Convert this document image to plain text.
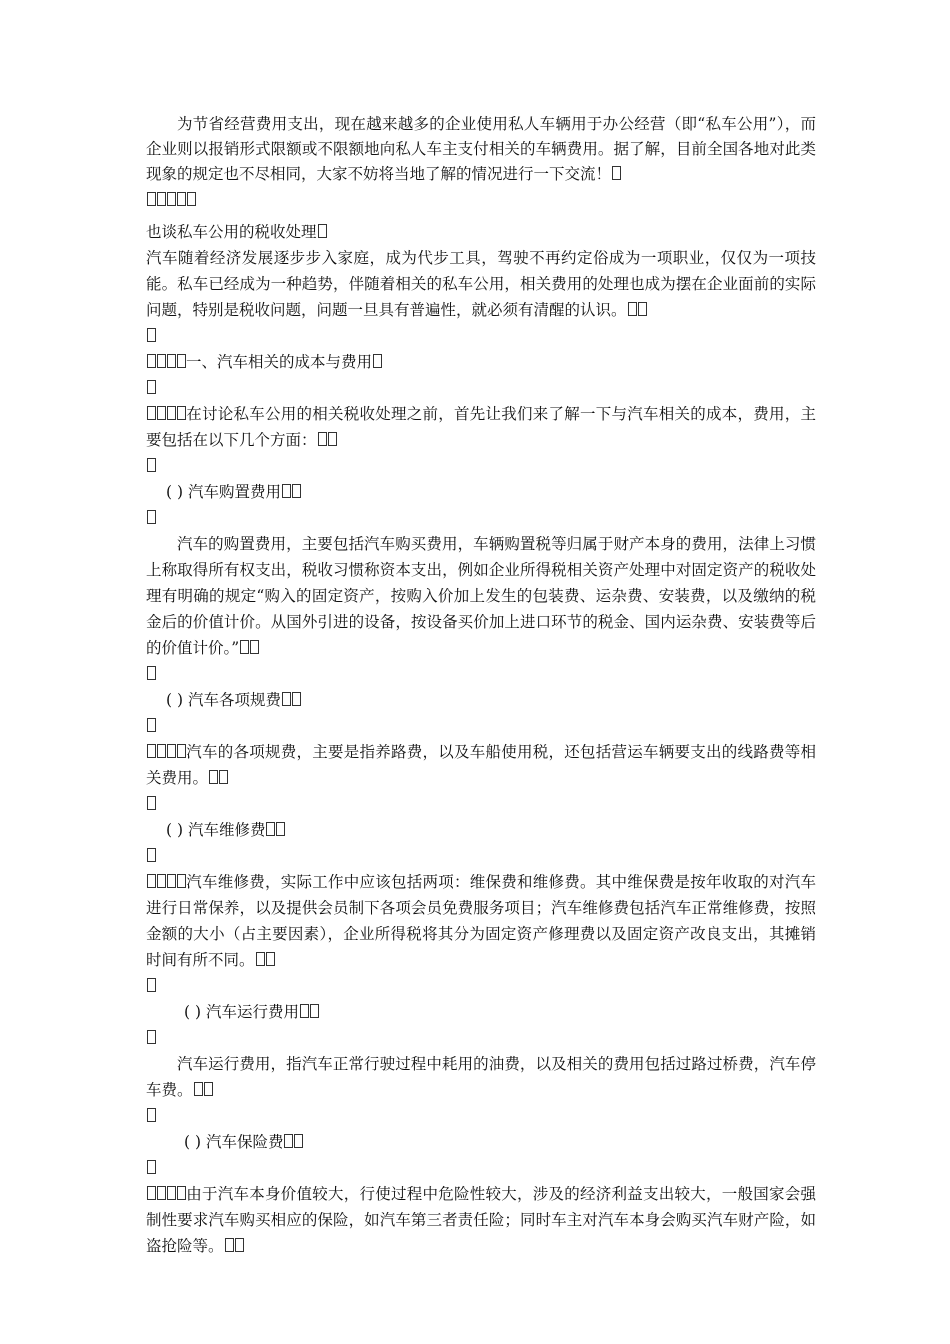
为节省经营费用支出，现在越来越多的企业使用私人车辆用于办公经营（即“私车公用”），而企业则以报销形式限额或不限额地向私人车主支付相关的车辆费用。据了解，目前全国各地对此类现象的规定也不尽相同，大家不妨将当地了解的情况进行一下交流！

也谈私车公用的税收处理

汽车随着经济发展逐步步入家庭，成为代步工具，驾驶不再约定俗成为一项职业，仅仅为一项技能。私车已经成为一种趋势，伴随着相关的私车公用，相关费用的处理也成为摆在企业面前的实际问题，特别是税收问题，问题一旦具有普遍性，就必须有清醒的认识。

一、汽车相关的成本与费用

在讨论私车公用的相关税收处理之前，首先让我们来了解一下与汽车相关的成本，费用，主要包括在以下几个方面：

( ) 汽车购置费用

汽车的购置费用，主要包括汽车购买费用，车辆购置税等归属于财产本身的费用，法律上习惯上称取得所有权支出，税收习惯称资本支出，例如企业所得税相关资产处理中对固定资产的税收处理有明确的规定“购入的固定资产，按购入价加上发生的包装费、运杂费、安装费，以及缴纳的税金后的价值计价。从国外引进的设备，按设备买价加上进口环节的税金、国内运杂费、安装费等后的价值计价。”

( ) 汽车各项规费

汽车的各项规费，主要是指养路费，以及车船使用税，还包括营运车辆要支出的线路费等相关费用。

( ) 汽车维修费

汽车维修费，实际工作中应该包括两项：维保费和维修费。其中维保费是按年收取的对汽车进行日常保养，以及提供会员制下各项会员免费服务项目；汽车维修费包括汽车正常维修费，按照金额的大小（占主要因素），企业所得税将其分为固定资产修理费以及固定资产改良支出，其摊销时间有所不同。

( ) 汽车运行费用

汽车运行费用，指汽车正常行驶过程中耗用的油费，以及相关的费用包括过路过桥费，汽车停车费。

( ) 汽车保险费

由于汽车本身价值较大，行使过程中危险性较大，涉及的经济利益支出较大，一般国家会强制性要求汽车购买相应的保险，如汽车第三者责任险；同时车主对汽车本身会购买汽车财产险，如盗抢险等。
